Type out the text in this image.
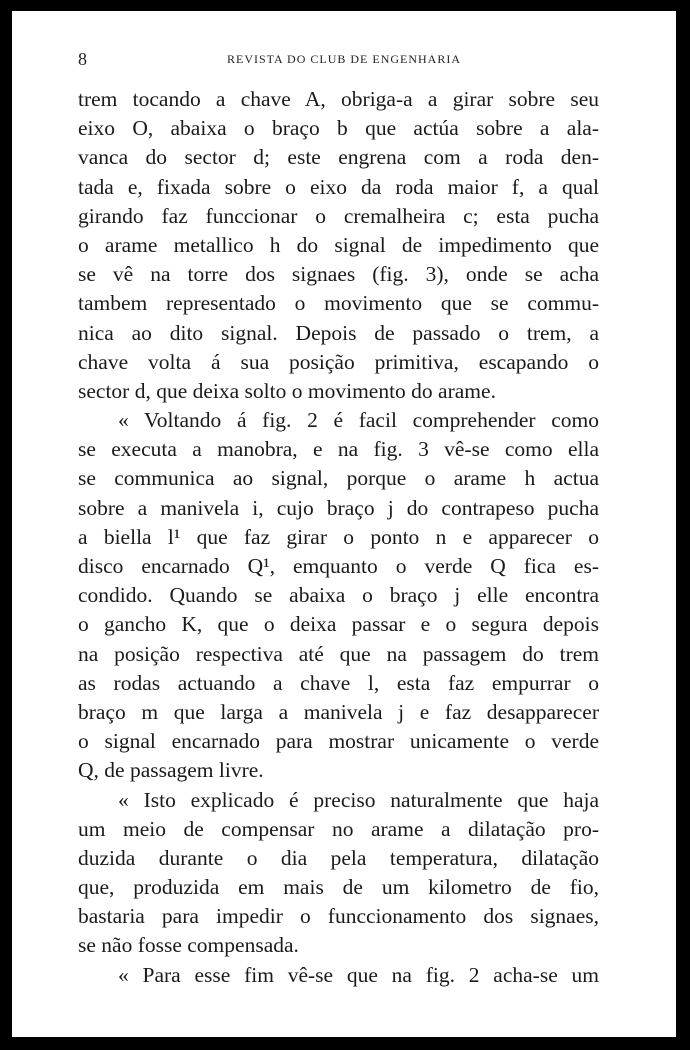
8	REVISTA DO CLUB DE ENGENHARIA
trem tocando a chave A, obriga-a a girar sobre seu
eixo O, abaixa o braço b que actúa sobre a ala-
vanca do sector d; este engrena com a roda den-
tada e, fixada sobre o eixo da roda maior f, a qual
girando faz funccionar o cremalheira c; esta pucha
o arame metallico h do signal de impedimento que
se vê na torre dos signaes (fig. 3), onde se acha
tambem representado o movimento que se commu-
nica ao dito signal. Depois de passado o trem, a
chave volta á sua posição primitiva, escapando o
sector d, que deixa solto o movimento do arame.
« Voltando á fig. 2 é facil comprehender como
se executa a manobra, e na fig. 3 vê-se como ella
se communica ao signal, porque o arame h actua
sobre a manivela i, cujo braço j do contrapeso pucha
a biella l¹ que faz girar o ponto n e apparecer o
disco encarnado Q¹, emquanto o verde Q fica es-
condido. Quando se abaixa o braço j elle encontra
o gancho K, que o deixa passar e o segura depois
na posição respectiva até que na passagem do trem
as rodas actuando a chave l, esta faz empurrar o
braço m que larga a manivela j e faz desapparecer
o signal encarnado para mostrar unicamente o verde
Q, de passagem livre.
« Isto explicado é preciso naturalmente que haja
um meio de compensar no arame a dilatação pro-
duzida durante o dia pela temperatura, dilatação
que, produzida em mais de um kilometro de fio,
bastaria para impedir o funccionamento dos signaes,
se não fosse compensada.
« Para esse fim vê-se que na fig. 2 acha-se um
